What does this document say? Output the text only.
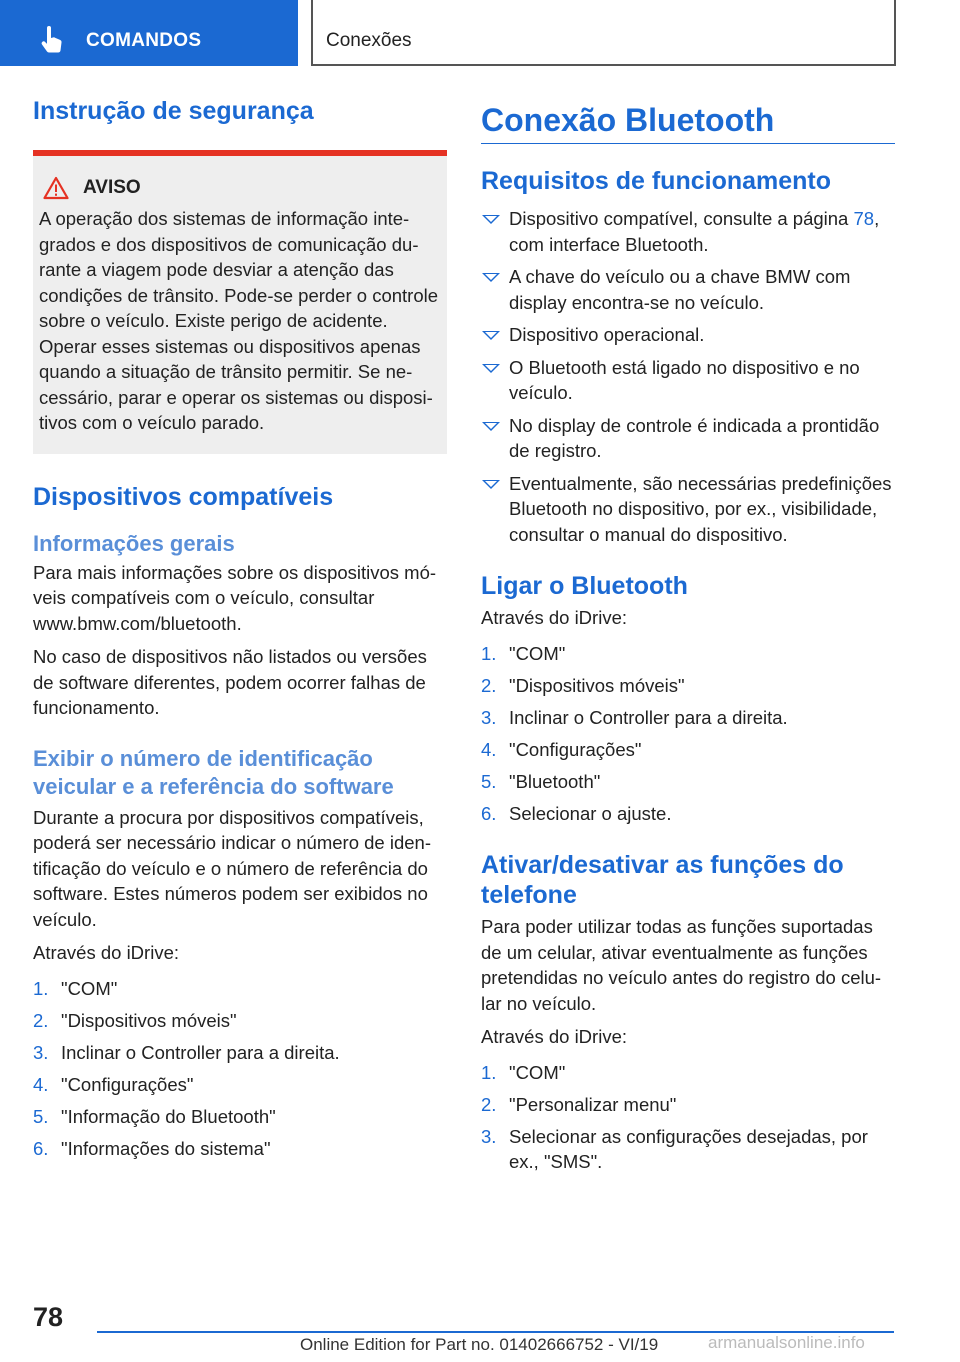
COMANDOS	Conexões
Instrução de segurança
AVISO

A operação dos sistemas de informação integrados e dos dispositivos de comunicação durante a viagem pode desviar a atenção das condições de trânsito. Pode-se perder o controle sobre o veículo. Existe perigo de acidente. Operar esses sistemas ou dispositivos apenas quando a situação de trânsito permitir. Se necessário, parar e operar os sistemas ou dispositivos com o veículo parado.

Dispositivos compatíveis
Informações gerais

Para mais informações sobre os dispositivos móveis compatíveis com o veículo, consultar www.bmw.com/bluetooth.

No caso de dispositivos não listados ou versões de software diferentes, podem ocorrer falhas de funcionamento.

Exibir o número de identificação veicular e a referência do software

Durante a procura por dispositivos compatíveis, poderá ser necessário indicar o número de identificação do veículo e o número de referência do software. Estes números podem ser exibidos no veículo.

Através do iDrive:

1. "COM"
2. "Dispositivos móveis"
3. Inclinar o Controller para a direita.
4. "Configurações"
5. "Informação do Bluetooth"
6. "Informações do sistema"
Conexão Bluetooth
Requisitos de funcionamento
Dispositivo compatível, consulte a página 78, com interface Bluetooth.
A chave do veículo ou a chave BMW com display encontra-se no veículo.
Dispositivo operacional.
O Bluetooth está ligado no dispositivo e no veículo.
No display de controle é indicada a prontidão de registro.
Eventualmente, são necessárias predefinições Bluetooth no dispositivo, por ex., visibilidade, consultar o manual do dispositivo.
Ligar o Bluetooth

Através do iDrive:

1. "COM"
2. "Dispositivos móveis"
3. Inclinar o Controller para a direita.
4. "Configurações"
5. "Bluetooth"
6. Selecionar o ajuste.
Ativar/desativar as funções do telefone

Para poder utilizar todas as funções suportadas de um celular, ativar eventualmente as funções pretendidas no veículo antes do registro do celular no veículo.

Através do iDrive:

1. "COM"
2. "Personalizar menu"
3. Selecionar as configurações desejadas, por ex., "SMS".
78
Online Edition for Part no. 01402666752 - VI/19	armanualsonline.info
